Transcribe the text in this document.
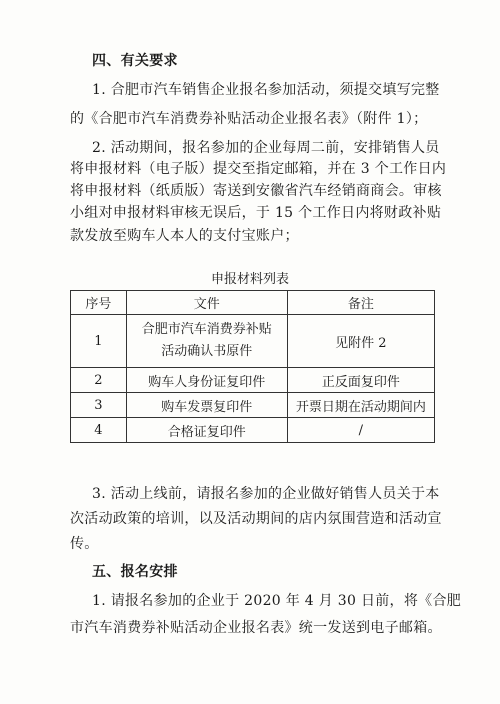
四、有关要求
1. 合肥市汽车销售企业报名参加活动，须提交填写完整
的《合肥市汽车消费券补贴活动企业报名表》（附件 1）；
2. 活动期间，报名参加的企业每周二前，安排销售人员
将申报材料（电子版）提交至指定邮箱，并在 3 个工作日内
将申报材料（纸质版）寄送到安徽省汽车经销商商会。审核
小组对申报材料审核无误后，于 15 个工作日内将财政补贴
款发放至购车人本人的支付宝账户；
申报材料列表
序号	文件	备注
1	合肥市汽车消费券补贴
活动确认书原件	见附件 2
2	购车人身份证复印件	正反面复印件
3	购车发票复印件	开票日期在活动期间内
4	合格证复印件	/
3. 活动上线前，请报名参加的企业做好销售人员关于本
次活动政策的培训，以及活动期间的店内氛围营造和活动宣
传。
五、报名安排
1. 请报名参加的企业于 2020 年 4 月 30 日前，将《合肥
市汽车消费券补贴活动企业报名表》统一发送到电子邮箱。
